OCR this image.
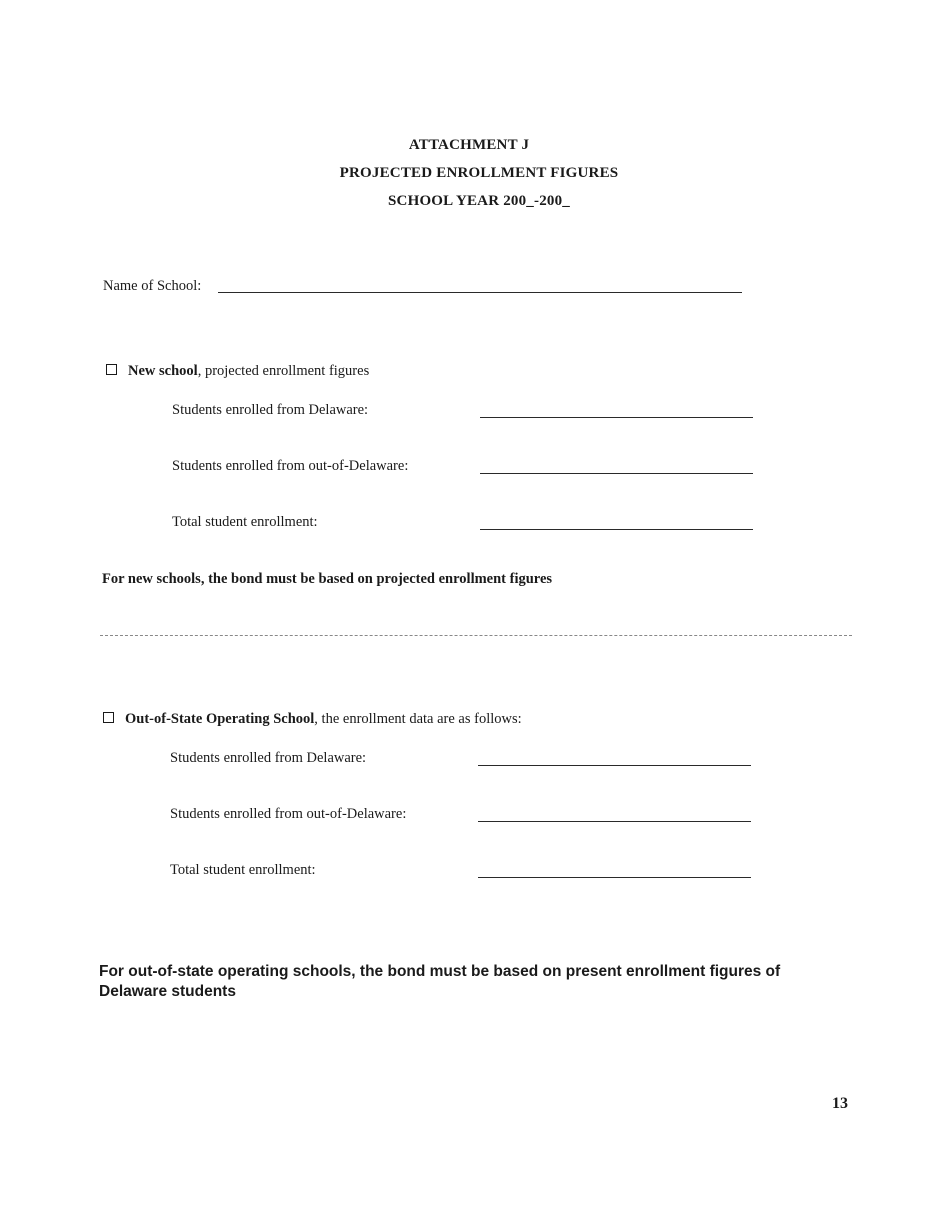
ATTACHMENT J
PROJECTED ENROLLMENT FIGURES
SCHOOL YEAR 200_-200_
Name of School:
New school, projected enrollment figures
Students enrolled from Delaware:
Students enrolled from out-of-Delaware:
Total student enrollment:
For new schools, the bond must be based on projected enrollment figures
Out-of-State Operating School, the enrollment data are as follows:
Students enrolled from Delaware:
Students enrolled from out-of-Delaware:
Total student enrollment:
For out-of-state operating schools, the bond must be based on present enrollment figures of Delaware students
13
